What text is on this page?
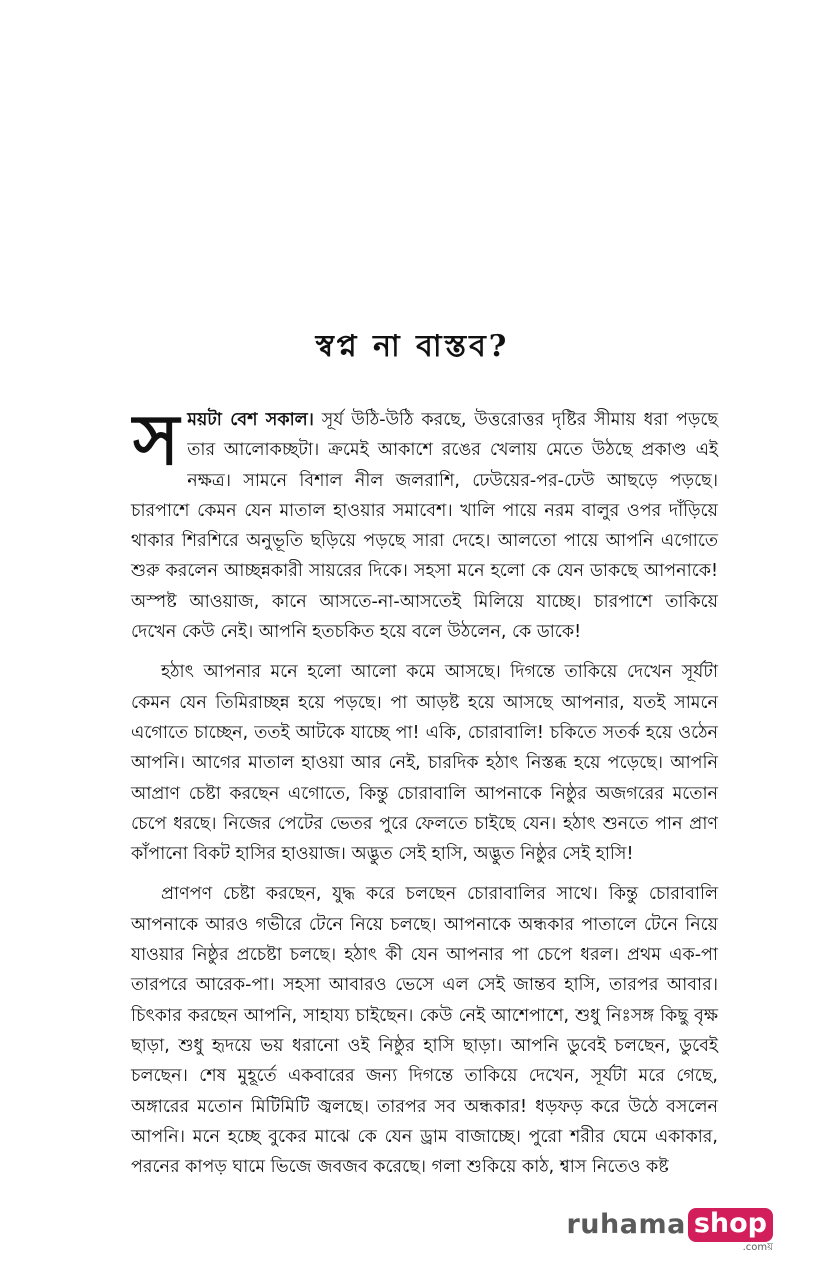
স্বপ্ন না বাস্তব?

সময়টা বেশ সকাল। সূর্য উঠি-উঠি করছে, উত্তরোত্তর দৃষ্টির সীমায় ধরা পড়ছে তার আলোকচ্ছটা। ক্রমেই আকাশে রঙের খেলায় মেতে উঠছে প্রকাণ্ড এই নক্ষত্র। সামনে বিশাল নীল জলরাশি, ঢেউয়ের-পর-ঢেউ আছড়ে পড়ছে। চারপাশে কেমন যেন মাতাল হাওয়ার সমাবেশ। খালি পায়ে নরম বালুর ওপর দাঁড়িয়ে থাকার শিরশিরে অনুভূতি ছড়িয়ে পড়ছে সারা দেহে। আলতো পায়ে আপনি এগোতে শুরু করলেন আচ্ছন্নকারী সায়রের দিকে। সহসা মনে হলো কে যেন ডাকছে আপনাকে! অস্পষ্ট আওয়াজ, কানে আসতে-না-আসতেই মিলিয়ে যাচ্ছে। চারপাশে তাকিয়ে দেখেন কেউ নেই। আপনি হতচকিত হয়ে বলে উঠলেন, কে ডাকে!

হঠাৎ আপনার মনে হলো আলো কমে আসছে। দিগন্তে তাকিয়ে দেখেন সূর্যটা কেমন যেন তিমিরাচ্ছন্ন হয়ে পড়ছে। পা আড়ষ্ট হয়ে আসছে আপনার, যতই সামনে এগোতে চাচ্ছেন, ততই আটকে যাচ্ছে পা! একি, চোরাবালি! চকিতে সতর্ক হয়ে ওঠেন আপনি। আগের মাতাল হাওয়া আর নেই, চারদিক হঠাৎ নিস্তব্ধ হয়ে পড়েছে। আপনি আপ্রাণ চেষ্টা করছেন এগোতে, কিন্তু চোরাবালি আপনাকে নিষ্ঠুর অজগরের মতোন চেপে ধরছে। নিজের পেটের ভেতর পুরে ফেলতে চাইছে যেন। হঠাৎ শুনতে পান প্রাণ কাঁপানো বিকট হাসির হাওয়াজ। অদ্ভুত সেই হাসি, অদ্ভুত নিষ্ঠুর সেই হাসি!

প্রাণপণ চেষ্টা করছেন, যুদ্ধ করে চলছেন চোরাবালির সাথে। কিন্তু চোরাবালি আপনাকে আরও গভীরে টেনে নিয়ে চলছে। আপনাকে অন্ধকার পাতালে টেনে নিয়ে যাওয়ার নিষ্ঠুর প্রচেষ্টা চলছে। হঠাৎ কী যেন আপনার পা চেপে ধরল। প্রথম এক-পা তারপরে আরেক-পা। সহসা আবারও ভেসে এল সেই জান্তব হাসি, তারপর আবার। চিৎকার করছেন আপনি, সাহায্য চাইছেন। কেউ নেই আশেপাশে, শুধু নিঃসঙ্গ কিছু বৃক্ষ ছাড়া, শুধু হৃদয়ে ভয় ধরানো ওই নিষ্ঠুর হাসি ছাড়া। আপনি ডুবেই চলছেন, ডুবেই চলছেন। শেষ মুহূর্তে একবারের জন্য দিগন্তে তাকিয়ে দেখেন, সূর্যটা মরে গেছে, অঙ্গারের মতোন মিটিমিটি জ্বলছে। তারপর সব অন্ধকার! ধড়ফড় করে উঠে বসলেন আপনি। মনে হচ্ছে বুকের মাঝে কে যেন ড্রাম বাজাচ্ছে। পুরো শরীর ঘেমে একাকার, পরনের কাপড় ঘামে ভিজে জবজব করেছে। গলা শুকিয়ে কাঠ, শ্বাস নিতেও কষ্ট

ruhama shop
.comয়
